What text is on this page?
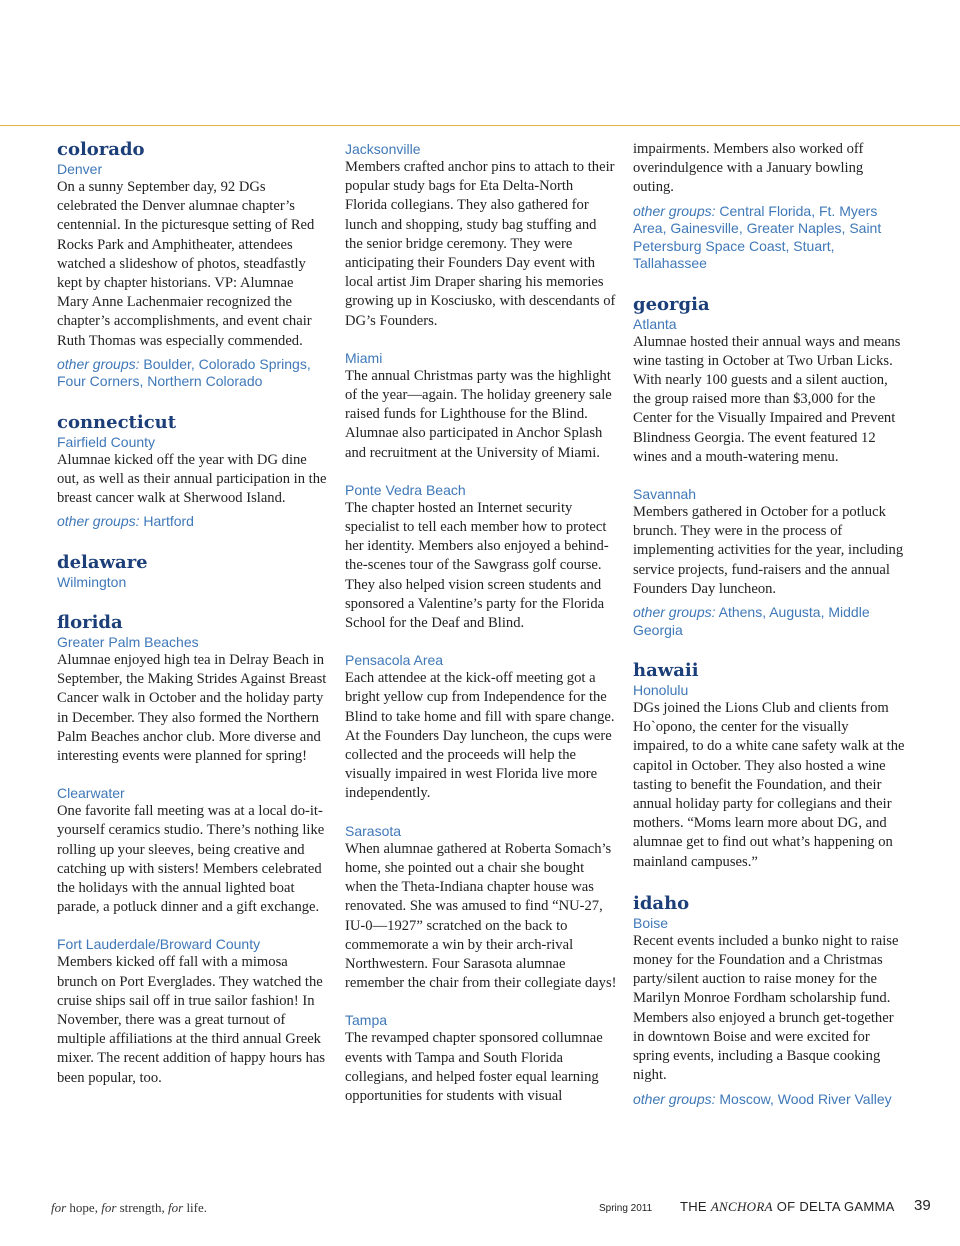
colorado

Denver

On a sunny September day, 92 DGs celebrated the Denver alumnae chapter’s centennial. In the picturesque setting of Red Rocks Park and Amphitheater, attendees watched a slideshow of photos, steadfastly kept by chapter historians. VP: Alumnae Mary Anne Lachenmaier recognized the chapter’s accomplishments, and event chair Ruth Thomas was especially commended.

other groups: Boulder, Colorado Springs, Four Corners, Northern Colorado

connecticut

Fairfield County

Alumnae kicked off the year with DG dine out, as well as their annual participation in the breast cancer walk at Sherwood Island.

other groups: Hartford

delaware

Wilmington

florida

Greater Palm Beaches

Alumnae enjoyed high tea in Delray Beach in September, the Making Strides Against Breast Cancer walk in October and the holiday party in December. They also formed the Northern Palm Beaches anchor club. More diverse and interesting events were planned for spring!

Clearwater

One favorite fall meeting was at a local do-it-yourself ceramics studio. There’s nothing like rolling up your sleeves, being creative and catching up with sisters! Members celebrated the holidays with the annual lighted boat parade, a potluck dinner and a gift exchange.

Fort Lauderdale/Broward County

Members kicked off fall with a mimosa brunch on Port Everglades. They watched the cruise ships sail off in true sailor fashion! In November, there was a great turnout of multiple affiliations at the third annual Greek mixer. The recent addition of happy hours has been popular, too.

Jacksonville

Members crafted anchor pins to attach to their popular study bags for Eta Delta-North Florida collegians. They also gathered for lunch and shopping, study bag stuffing and the senior bridge ceremony. They were anticipating their Founders Day event with local artist Jim Draper sharing his memories growing up in Kosciusko, with descendants of DG’s Founders.

Miami

The annual Christmas party was the highlight of the year—again. The holiday greenery sale raised funds for Lighthouse for the Blind. Alumnae also participated in Anchor Splash and recruitment at the University of Miami.

Ponte Vedra Beach

The chapter hosted an Internet security specialist to tell each member how to protect her identity. Members also enjoyed a behind-the-scenes tour of the Sawgrass golf course. They also helped vision screen students and sponsored a Valentine’s party for the Florida School for the Deaf and Blind.

Pensacola Area

Each attendee at the kick-off meeting got a bright yellow cup from Independence for the Blind to take home and fill with spare change. At the Founders Day luncheon, the cups were collected and the proceeds will help the visually impaired in west Florida live more independently.

Sarasota

When alumnae gathered at Roberta Somach’s home, she pointed out a chair she bought when the Theta-Indiana chapter house was renovated. She was amused to find “NU-27, IU-0—1927” scratched on the back to commemorate a win by their arch-rival Northwestern. Four Sarasota alumnae remember the chair from their collegiate days!

Tampa

The revamped chapter sponsored collumnae events with Tampa and South Florida collegians, and helped foster equal learning opportunities for students with visual

impairments. Members also worked off overindulgence with a January bowling outing.

other groups: Central Florida, Ft. Myers Area, Gainesville, Greater Naples, Saint Petersburg Space Coast, Stuart, Tallahassee

georgia

Atlanta

Alumnae hosted their annual ways and means wine tasting in October at Two Urban Licks. With nearly 100 guests and a silent auction, the group raised more than $3,000 for the Center for the Visually Impaired and Prevent Blindness Georgia. The event featured 12 wines and a mouth-watering menu.

Savannah

Members gathered in October for a potluck brunch. They were in the process of implementing activities for the year, including service projects, fund-raisers and the annual Founders Day luncheon.

other groups: Athens, Augusta, Middle Georgia

hawaii

Honolulu

DGs joined the Lions Club and clients from Ho`opono, the center for the visually impaired, to do a white cane safety walk at the capitol in October. They also hosted a wine tasting to benefit the Foundation, and their annual holiday party for collegians and their mothers. “Moms learn more about DG, and alumnae get to find out what’s happening on mainland campuses.”

idaho

Boise

Recent events included a bunko night to raise money for the Foundation and a Christmas party/silent auction to raise money for the Marilyn Monroe Fordham scholarship fund. Members also enjoyed a brunch get-together in downtown Boise and were excited for spring events, including a Basque cooking night.

other groups: Moscow, Wood River Valley

for hope, for strength, for life.	Spring 2011 THE ANCHORA OF DELTA GAMMA 39
